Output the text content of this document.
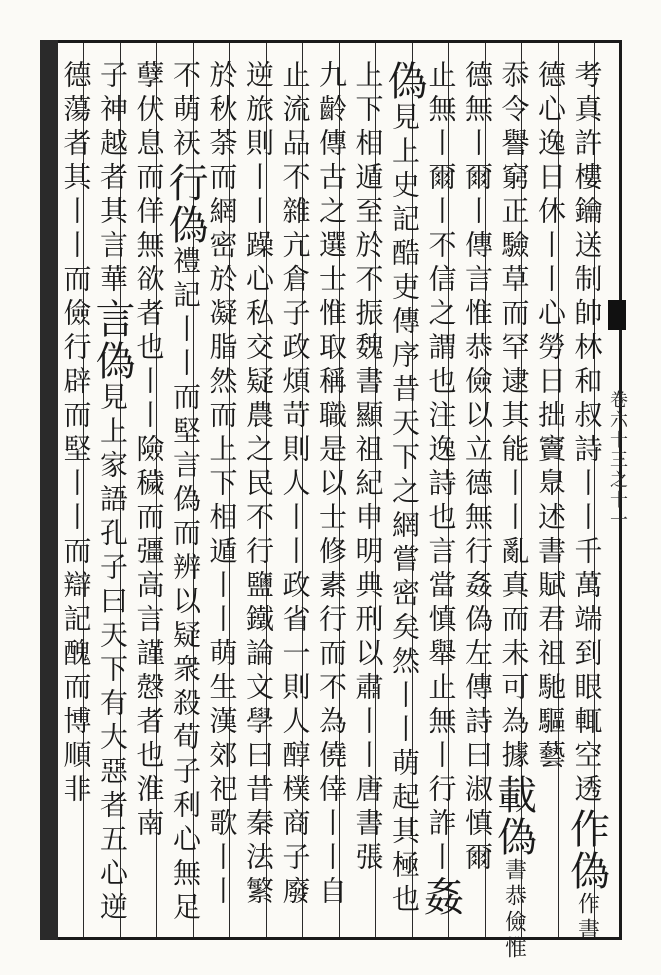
卷六十三之十一
考真許樓鑰送制帥林和叔詩丨丨千萬端到眼輒空透作偽作書
德心逸日休丨丨心勞日拙竇臮述書賦君祖馳驅藝
忝令譽窮正驗草而罕逮其能丨丨亂真而未可為據載偽書恭儉惟
德無丨爾丨傳言惟恭儉以立德無行姦偽左傳詩曰淑慎爾
止無丨爾丨不信之謂也注逸詩也言當慎舉止無丨行詐丨姦
偽見上史記酷吏傳序昔天下之網嘗密矣然丨丨萌起其極也
上下相遁至於不振魏書顯祖紀申明典刑以肅丨丨唐書張
九齡傳古之選士惟取稱職是以士修素行而不為僥倖丨丨自
止流品不雜亢倉子政煩苛則人丨丨政省一則人醇樸商子廢
逆旅則丨丨躁心私交疑農之民不行鹽鐵論文學曰昔秦法繁
於秋荼而網密於凝脂然而上下相遁丨丨萌生漢郊祀歌丨丨
不萌祆行偽禮記丨丨而堅言偽而辨以疑衆殺荀子利心無足
孽伏息而佯無欲者也丨丨險穢而彊高言謹慤者也淮南
子神越者其言華言偽見上家語孔子曰天下有大惡者五心逆
德蕩者其丨丨而儉行辟而堅丨丨而辯記醜而博順非
